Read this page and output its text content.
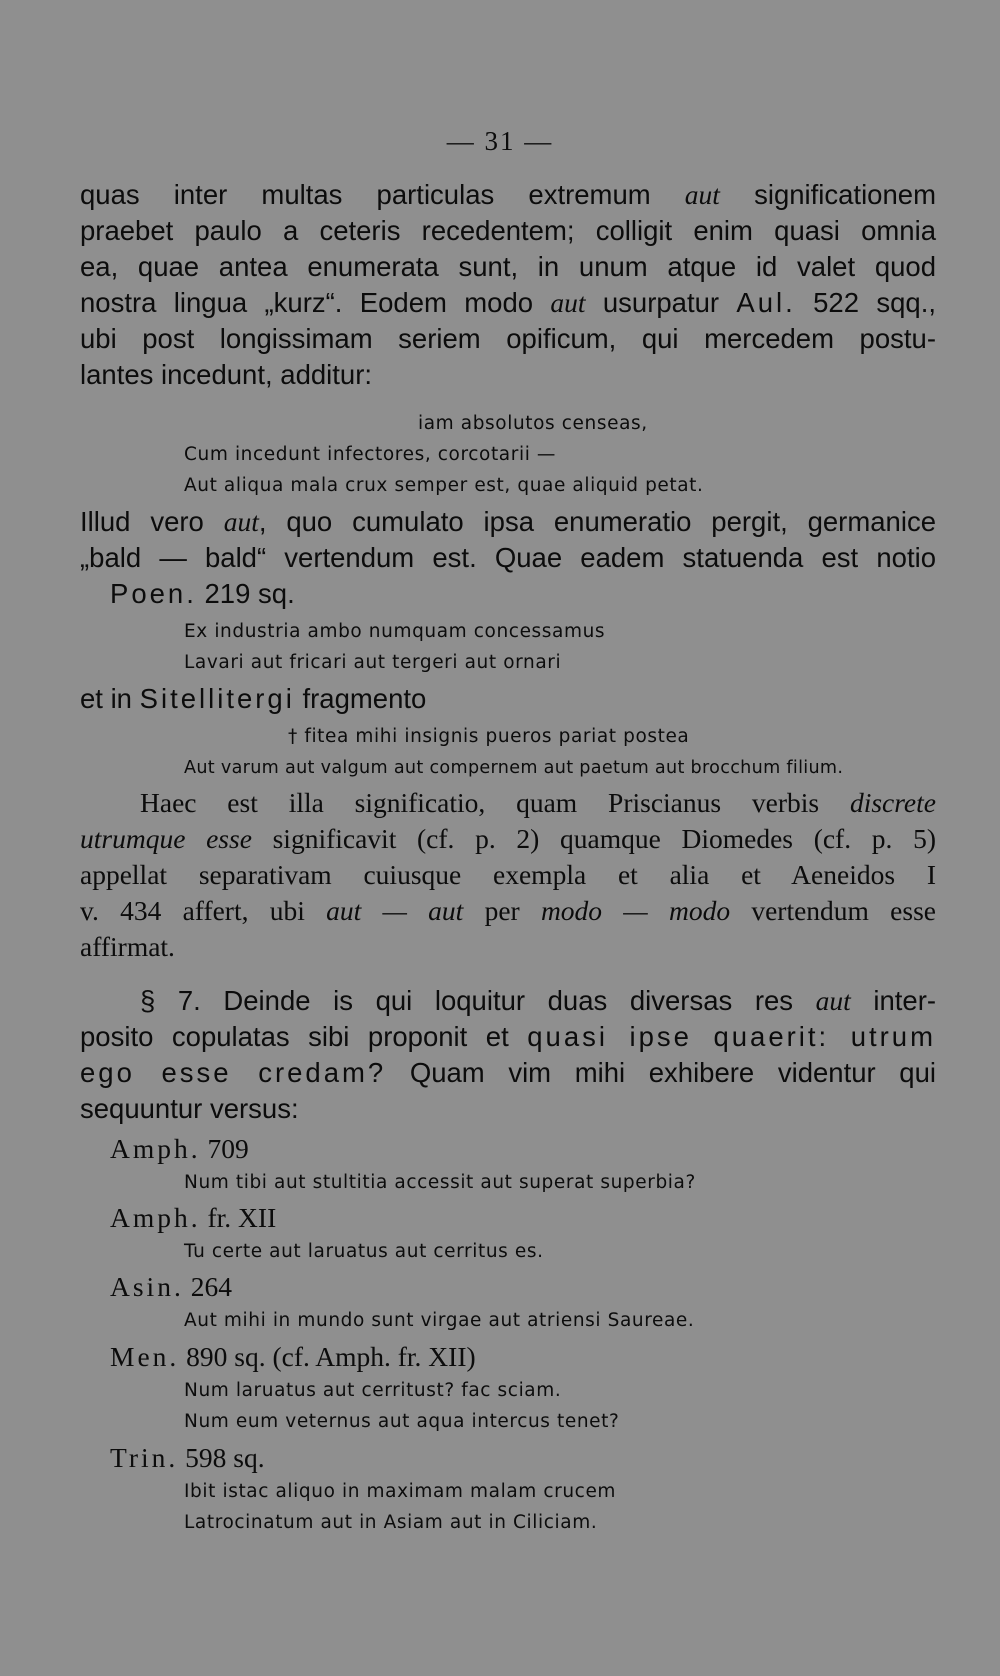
— 31 —

quas inter multas particulas extremum aut significationem

praebet paulo a ceteris recedentem; colligit enim quasi omnia

ea, quae antea enumerata sunt, in unum atque id valet quod

nostra lingua „kurz“. Eodem modo aut usurpatur Aul. 522 sqq.,

ubi post longissimam seriem opificum, qui mercedem postu-

lantes incedunt, additur:

iam absolutos censeas,

Cum incedunt infectores, corcotarii —

Aut aliqua mala crux semper est, quae aliquid petat.

Illud vero aut, quo cumulato ipsa enumeratio pergit, germanice

„bald — bald“ vertendum est. Quae eadem statuenda est notio

Poen. 219 sq.

Ex industria ambo numquam concessamus

Lavari aut fricari aut tergeri aut ornari

et in Sitellitergi fragmento

† fitea mihi insignis pueros pariat postea

Aut varum aut valgum aut compernem aut paetum aut brocchum filium.

Haec est illa significatio, quam Priscianus verbis discrete

utrumque esse significavit (cf. p. 2) quamque Diomedes (cf. p. 5)

appellat separativam cuiusque exempla et alia et Aeneidos I

v. 434 affert, ubi aut — aut per modo — modo vertendum esse

affirmat.

§ 7. Deinde is qui loquitur duas diversas res aut inter-

posito copulatas sibi proponit et quasi ipse quaerit: utrum

ego esse credam? Quam vim mihi exhibere videntur qui

sequuntur versus:

Amph. 709

Num tibi aut stultitia accessit aut superat superbia?

Amph. fr. XII

Tu certe aut laruatus aut cerritus es.

Asin. 264

Aut mihi in mundo sunt virgae aut atriensi Saureae.

Men. 890 sq. (cf. Amph. fr. XII)

Num laruatus aut cerritust? fac sciam.

Num eum veternus aut aqua intercus tenet?

Trin. 598 sq.

Ibit istac aliquo in maximam malam crucem

Latrocinatum aut in Asiam aut in Ciliciam.
